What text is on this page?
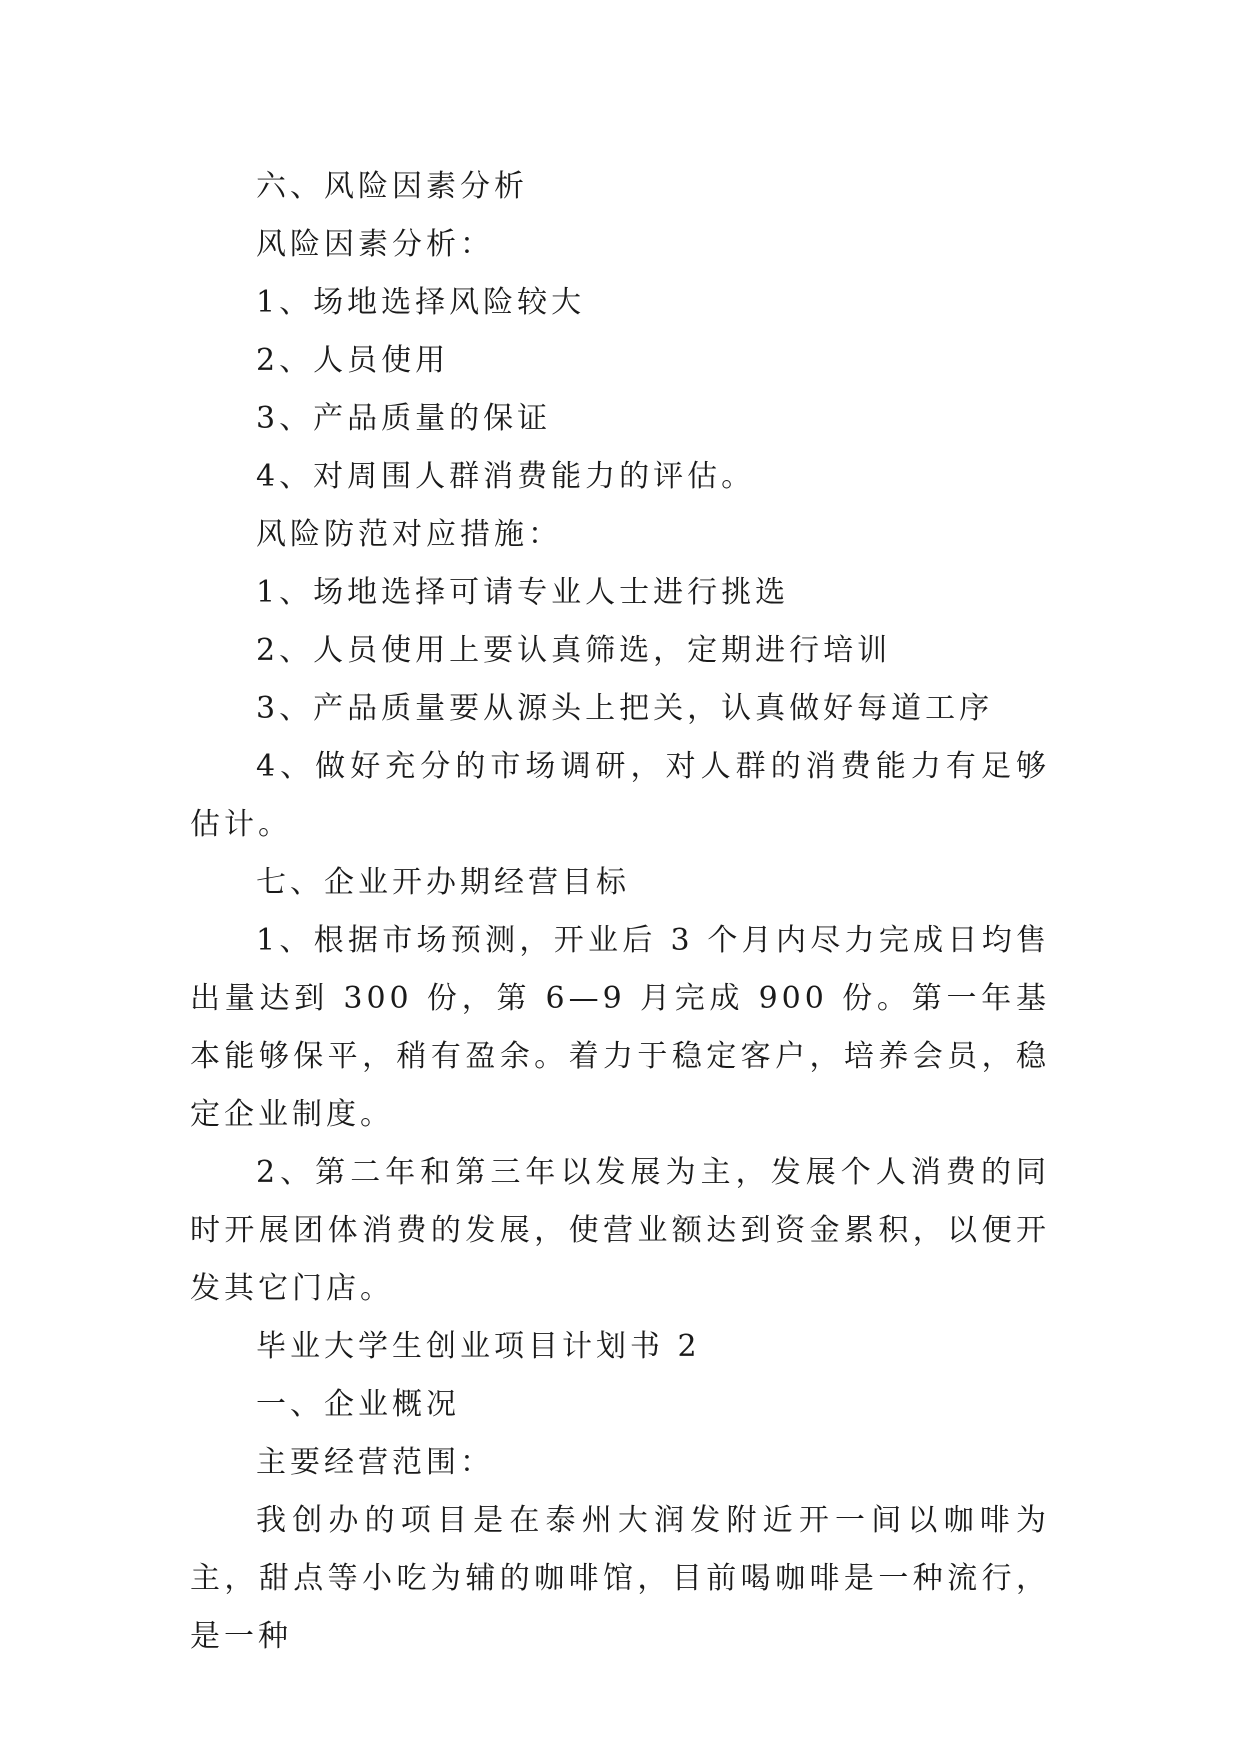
六、风险因素分析

风险因素分析：

1、场地选择风险较大

2、人员使用

3、产品质量的保证

4、对周围人群消费能力的评估。

风险防范对应措施：

1、场地选择可请专业人士进行挑选

2、人员使用上要认真筛选，定期进行培训

3、产品质量要从源头上把关，认真做好每道工序

4、做好充分的市场调研，对人群的消费能力有足够估计。

七、企业开办期经营目标

1、根据市场预测，开业后 3 个月内尽力完成日均售出量达到 300 份，第 6—9 月完成 900 份。第一年基本能够保平，稍有盈余。着力于稳定客户，培养会员，稳定企业制度。

2、第二年和第三年以发展为主，发展个人消费的同时开展团体消费的发展，使营业额达到资金累积，以便开发其它门店。

毕业大学生创业项目计划书 2

一、企业概况

主要经营范围：

我创办的项目是在泰州大润发附近开一间以咖啡为主，甜点等小吃为辅的咖啡馆，目前喝咖啡是一种流行，是一种
